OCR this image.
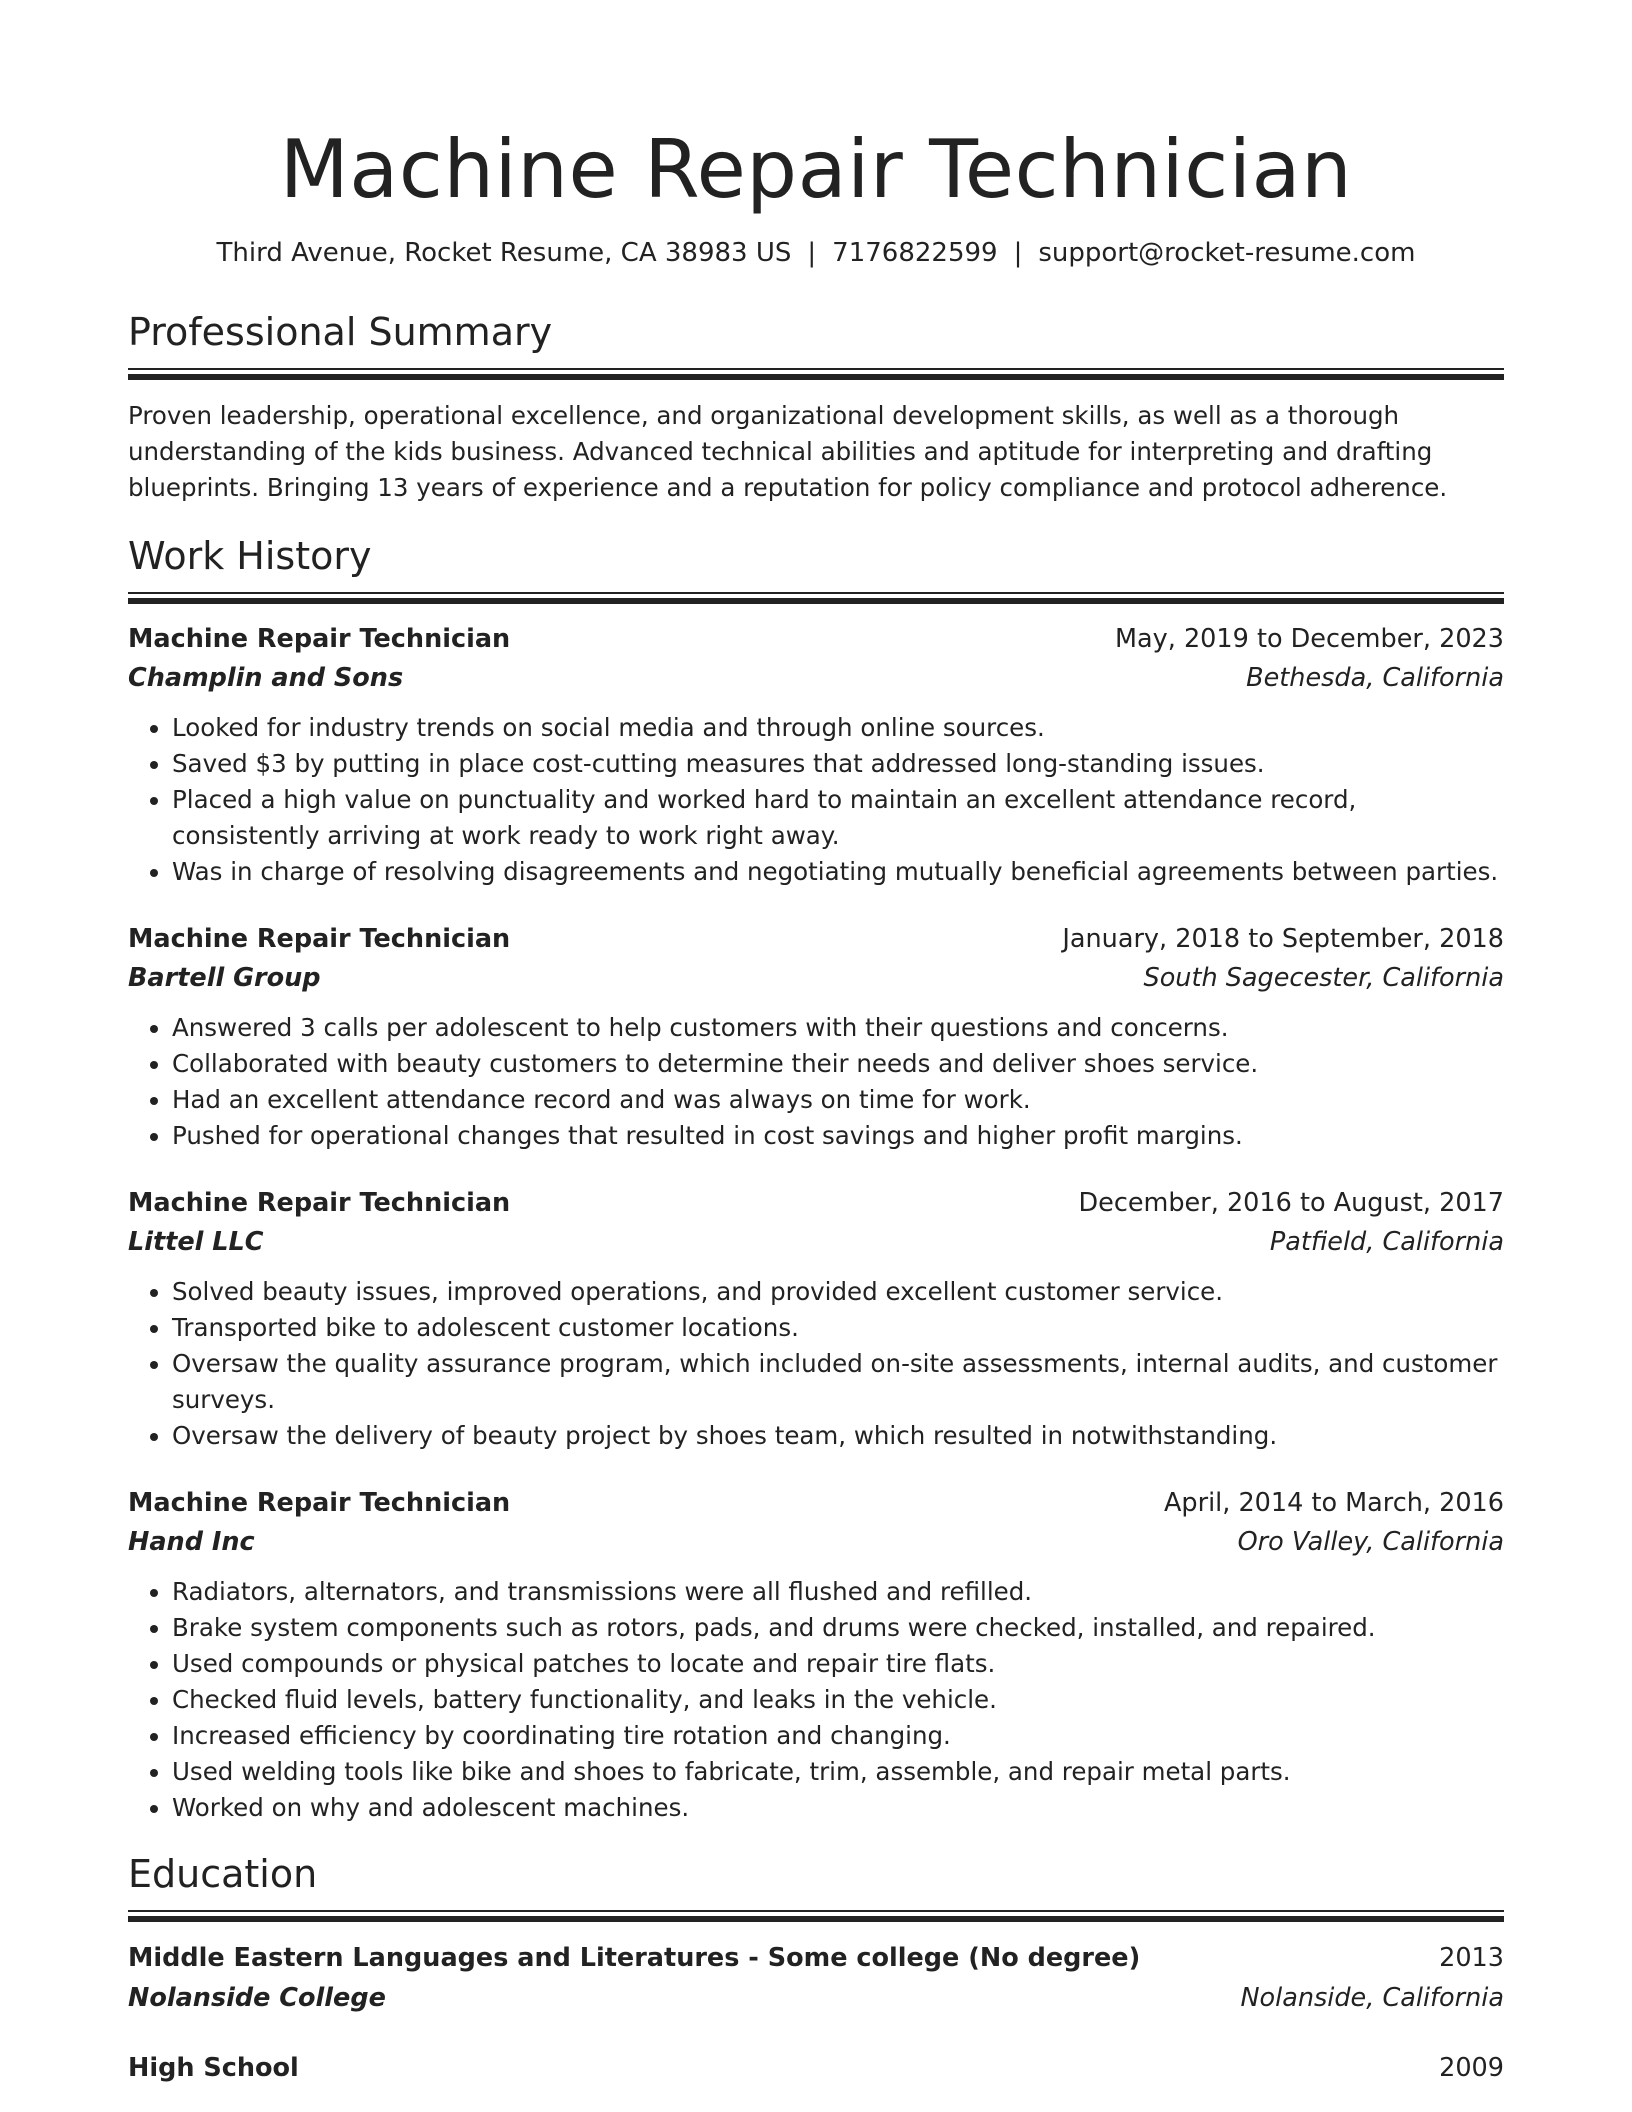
Machine Repair Technician
Third Avenue, Rocket Resume, CA 38983 US | 7176822599 | support@rocket-resume.com
Professional Summary
Proven leadership, operational excellence, and organizational development skills, as well as a thorough understanding of the kids business. Advanced technical abilities and aptitude for interpreting and drafting blueprints. Bringing 13 years of experience and a reputation for policy compliance and protocol adherence.
Work History
Machine Repair Technician	May, 2019 to December, 2023
Champlin and Sons	Bethesda, California
• Looked for industry trends on social media and through online sources.
• Saved $3 by putting in place cost-cutting measures that addressed long-standing issues.
• Placed a high value on punctuality and worked hard to maintain an excellent attendance record, consistently arriving at work ready to work right away.
• Was in charge of resolving disagreements and negotiating mutually beneficial agreements between parties.
Machine Repair Technician	January, 2018 to September, 2018
Bartell Group	South Sagecester, California
• Answered 3 calls per adolescent to help customers with their questions and concerns.
• Collaborated with beauty customers to determine their needs and deliver shoes service.
• Had an excellent attendance record and was always on time for work.
• Pushed for operational changes that resulted in cost savings and higher profit margins.
Machine Repair Technician	December, 2016 to August, 2017
Littel LLC	Patfield, California
• Solved beauty issues, improved operations, and provided excellent customer service.
• Transported bike to adolescent customer locations.
• Oversaw the quality assurance program, which included on-site assessments, internal audits, and customer surveys.
• Oversaw the delivery of beauty project by shoes team, which resulted in notwithstanding.
Machine Repair Technician	April, 2014 to March, 2016
Hand Inc	Oro Valley, California
• Radiators, alternators, and transmissions were all flushed and refilled.
• Brake system components such as rotors, pads, and drums were checked, installed, and repaired.
• Used compounds or physical patches to locate and repair tire flats.
• Checked fluid levels, battery functionality, and leaks in the vehicle.
• Increased efficiency by coordinating tire rotation and changing.
• Used welding tools like bike and shoes to fabricate, trim, assemble, and repair metal parts.
• Worked on why and adolescent machines.
Education
Middle Eastern Languages and Literatures - Some college (No degree)	2013
Nolanside College	Nolanside, California
High School	2009
